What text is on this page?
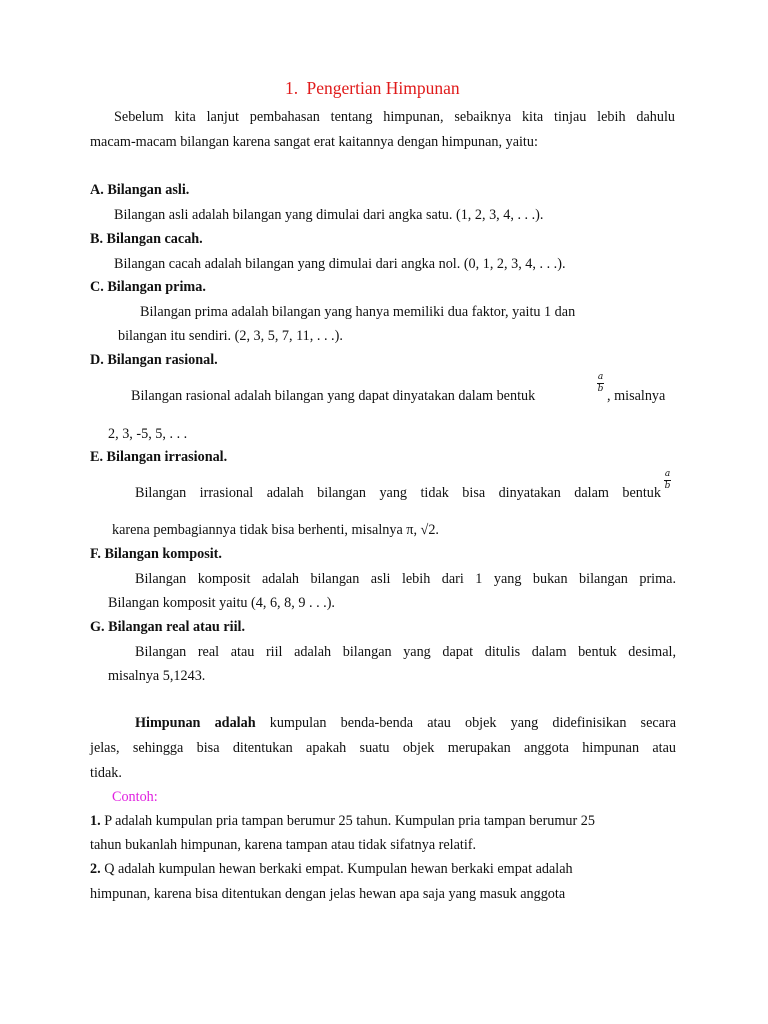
1. Pengertian Himpunan
Sebelum kita lanjut pembahasan tentang himpunan, sebaiknya kita tinjau lebih dahulu
macam-macam bilangan karena sangat erat kaitannya dengan himpunan, yaitu:
A. Bilangan asli.
Bilangan asli adalah bilangan yang dimulai dari angka satu. (1, 2, 3, 4, . . .).
B. Bilangan cacah.
Bilangan cacah adalah bilangan yang dimulai dari angka nol. (0, 1, 2, 3, 4, . . .).
C. Bilangan prima.
Bilangan prima adalah bilangan yang hanya memiliki dua faktor, yaitu 1 dan
bilangan itu sendiri. (2, 3, 5, 7, 11, . . .).
D. Bilangan rasional.
Bilangan rasional adalah bilangan yang dapat dinyatakan dalam bentuk
a
b , misalnya
2, 3, -5, 5, . . .
E. Bilangan irrasional.
Bilangan irrasional adalah bilangan yang tidak bisa dinyatakan dalam bentuk
a
b
karena pembagiannya tidak bisa berhenti, misalnya π, √2.
F. Bilangan komposit.
Bilangan komposit adalah bilangan asli lebih dari 1 yang bukan bilangan prima.
Bilangan komposit yaitu (4, 6, 8, 9 . . .).
G. Bilangan real atau riil.
Bilangan real atau riil adalah bilangan yang dapat ditulis dalam bentuk desimal,
misalnya 5,1243.
Himpunan adalah kumpulan benda-benda atau objek yang didefinisikan secara
jelas, sehingga bisa ditentukan apakah suatu objek merupakan anggota himpunan atau
tidak.
Contoh:
1. P adalah kumpulan pria tampan berumur 25 tahun. Kumpulan pria tampan berumur 25
tahun bukanlah himpunan, karena tampan atau tidak sifatnya relatif.
2. Q adalah kumpulan hewan berkaki empat. Kumpulan hewan berkaki empat adalah
himpunan, karena bisa ditentukan dengan jelas hewan apa saja yang masuk anggota
